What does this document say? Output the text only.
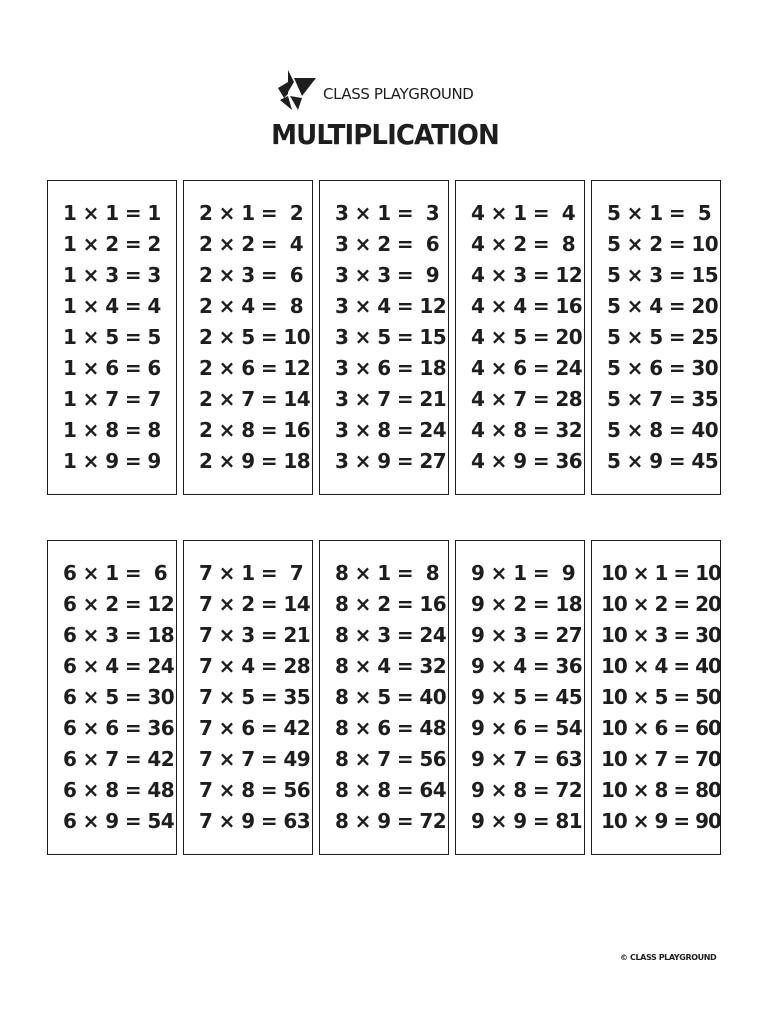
CLASS PLAYGROUND
MULTIPLICATION
1 × 1 = 1
1 × 2 = 2
1 × 3 = 3
1 × 4 = 4
1 × 5 = 5
1 × 6 = 6
1 × 7 = 7
1 × 8 = 8
1 × 9 = 9
2 × 1 =  2
2 × 2 =  4
2 × 3 =  6
2 × 4 =  8
2 × 5 = 10
2 × 6 = 12
2 × 7 = 14
2 × 8 = 16
2 × 9 = 18
3 × 1 =  3
3 × 2 =  6
3 × 3 =  9
3 × 4 = 12
3 × 5 = 15
3 × 6 = 18
3 × 7 = 21
3 × 8 = 24
3 × 9 = 27
4 × 1 =  4
4 × 2 =  8
4 × 3 = 12
4 × 4 = 16
4 × 5 = 20
4 × 6 = 24
4 × 7 = 28
4 × 8 = 32
4 × 9 = 36
5 × 1 =  5
5 × 2 = 10
5 × 3 = 15
5 × 4 = 20
5 × 5 = 25
5 × 6 = 30
5 × 7 = 35
5 × 8 = 40
5 × 9 = 45
6 × 1 =  6
6 × 2 = 12
6 × 3 = 18
6 × 4 = 24
6 × 5 = 30
6 × 6 = 36
6 × 7 = 42
6 × 8 = 48
6 × 9 = 54
7 × 1 =  7
7 × 2 = 14
7 × 3 = 21
7 × 4 = 28
7 × 5 = 35
7 × 6 = 42
7 × 7 = 49
7 × 8 = 56
7 × 9 = 63
8 × 1 =  8
8 × 2 = 16
8 × 3 = 24
8 × 4 = 32
8 × 5 = 40
8 × 6 = 48
8 × 7 = 56
8 × 8 = 64
8 × 9 = 72
9 × 1 =  9
9 × 2 = 18
9 × 3 = 27
9 × 4 = 36
9 × 5 = 45
9 × 6 = 54
9 × 7 = 63
9 × 8 = 72
9 × 9 = 81
10 × 1 = 10
10 × 2 = 20
10 × 3 = 30
10 × 4 = 40
10 × 5 = 50
10 × 6 = 60
10 × 7 = 70
10 × 8 = 80
10 × 9 = 90
© CLASS PLAYGROUND
